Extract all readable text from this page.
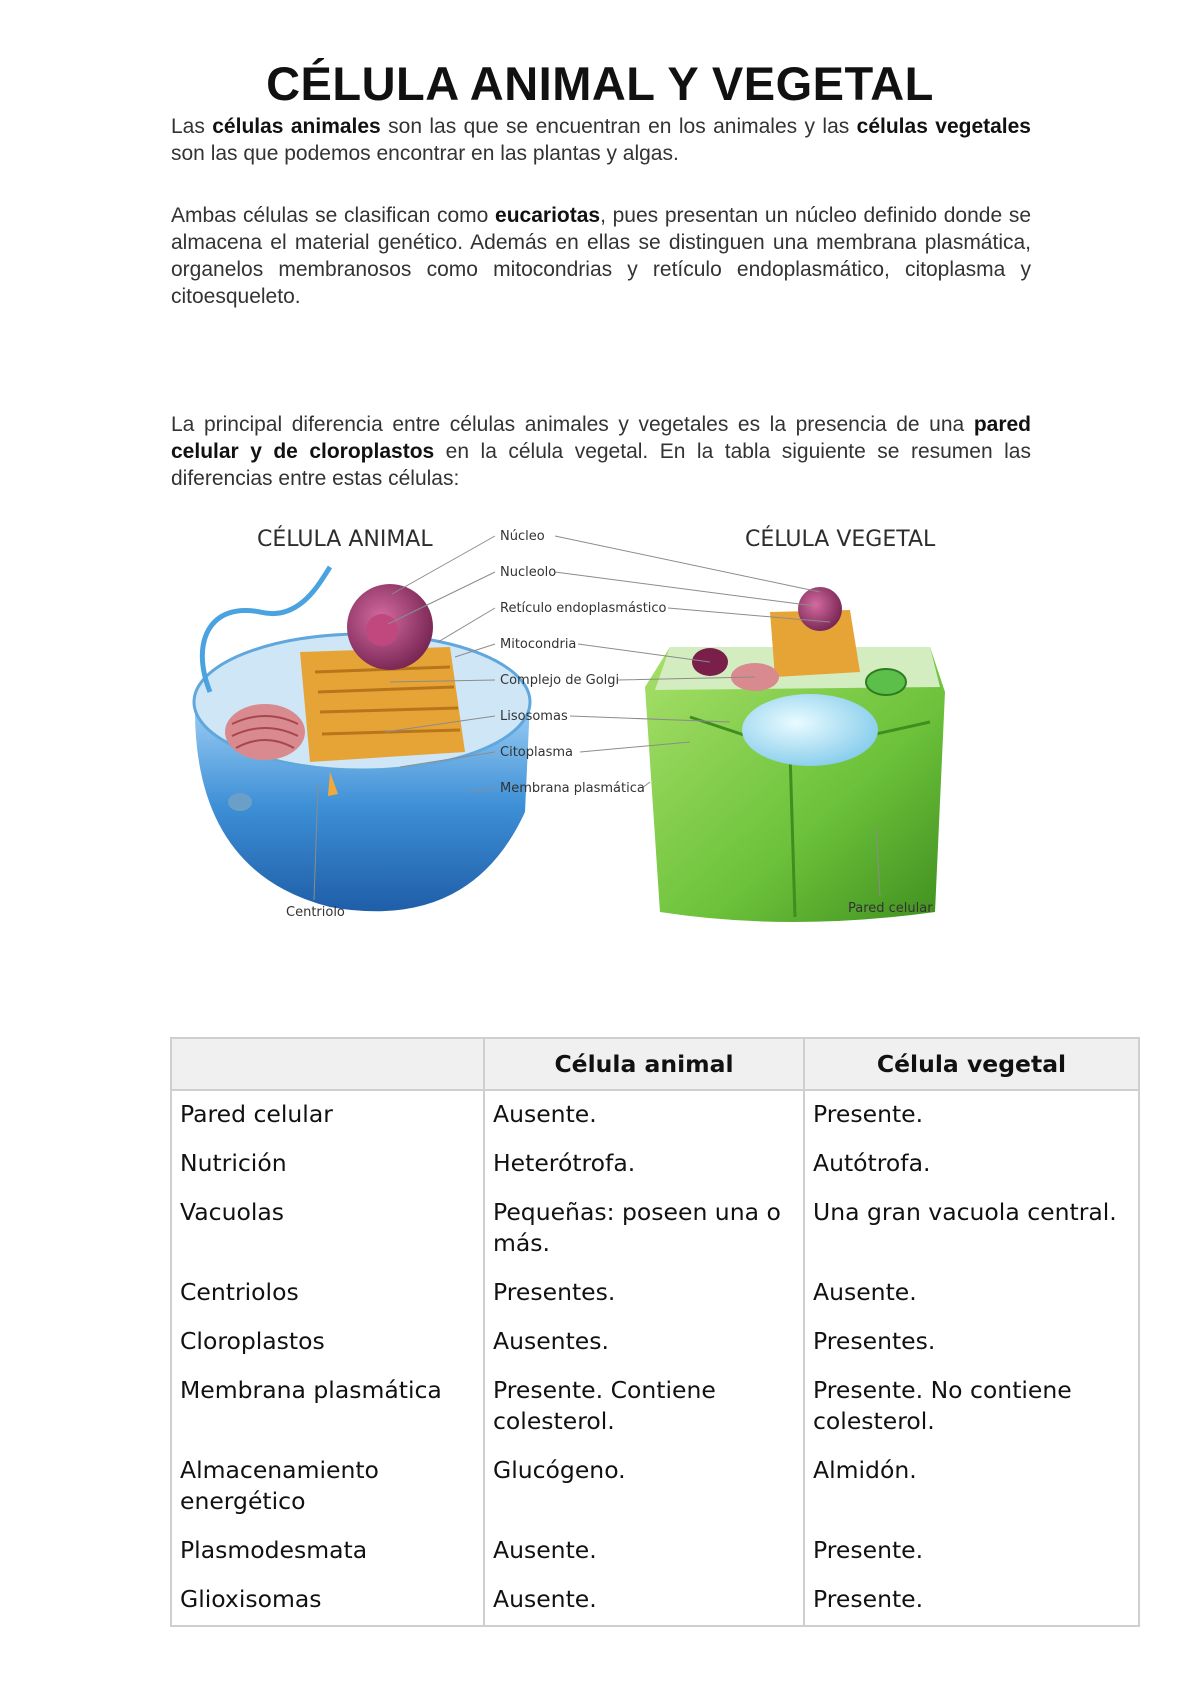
CÉLULA ANIMAL Y VEGETAL

Las células animales son las que se encuentran en los animales y las células vegetales son las que podemos encontrar en las plantas y algas.

Ambas células se clasifican como eucariotas, pues presentan un núcleo definido donde se almacena el material genético. Además en ellas se distinguen una membrana plasmática, organelos membranosos como mitocondrias y retículo endoplasmático, citoplasma y citoesqueleto.

La principal diferencia entre células animales y vegetales es la presencia de una pared celular y de cloroplastos en la célula vegetal. En la tabla siguiente se resumen las diferencias entre estas células:

CÉLULA ANIMAL	CÉLULA VEGETAL
Núcleo
Nucleolo
Retículo endoplasmástico
Mitocondria
Complejo de Golgi
Lisosomas
Citoplasma
Membrana plasmática
Centriolo	Pared celular
	Célula animal	Célula vegetal
Pared celular	Ausente.	Presente.
Nutrición	Heterótrofa.	Autótrofa.
Vacuolas	Pequeñas: poseen una o más.	Una gran vacuola central.
Centriolos	Presentes.	Ausente.
Cloroplastos	Ausentes.	Presentes.
Membrana plasmática	Presente. Contiene colesterol.	Presente. No contiene colesterol.
Almacenamiento energético	Glucógeno.	Almidón.
Plasmodesmata	Ausente.	Presente.
Glioxisomas	Ausente.	Presente.
